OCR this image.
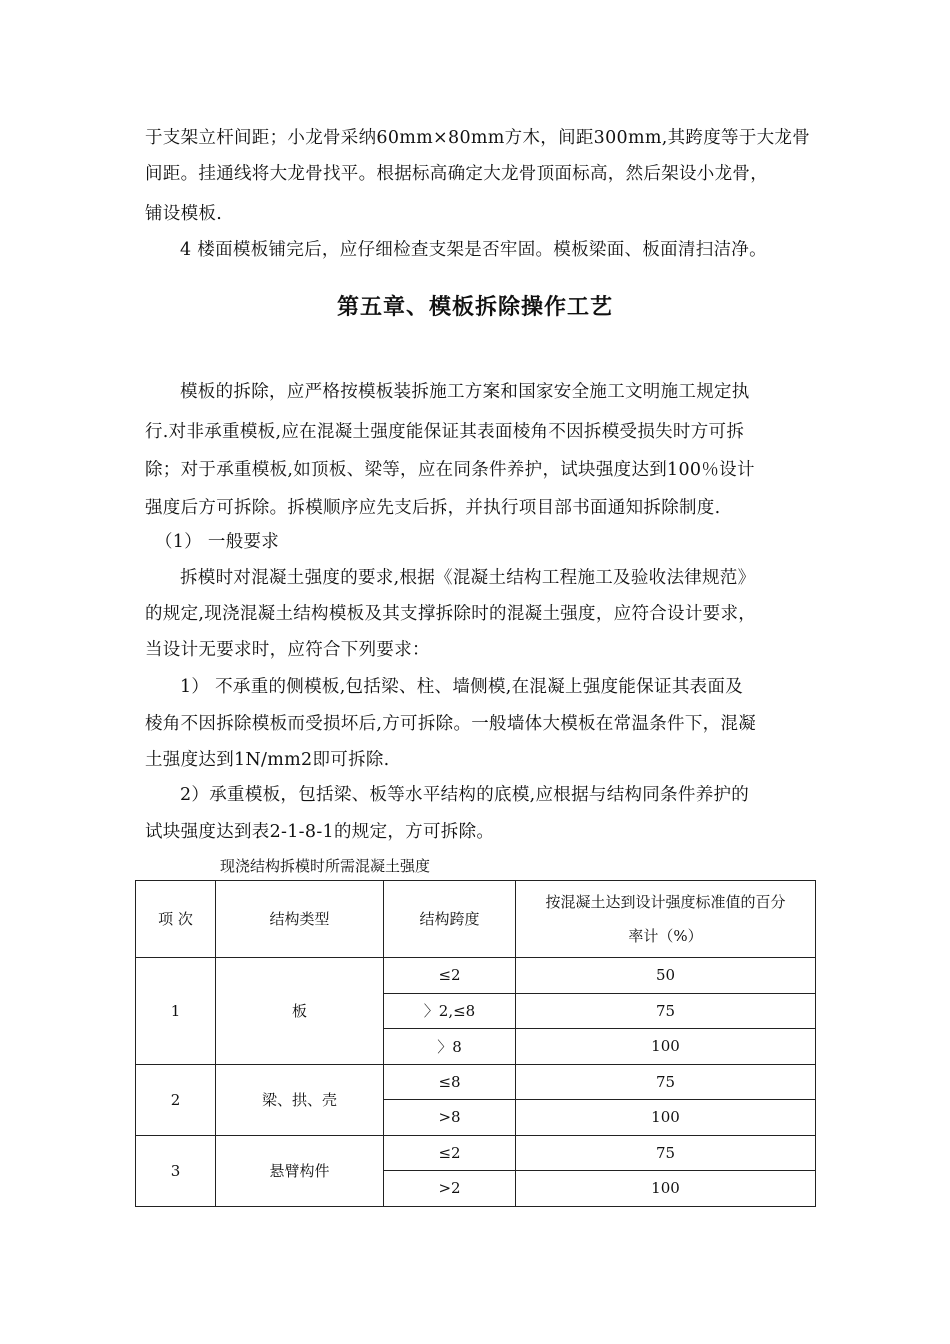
于支架立杆间距；小龙骨采纳60mm×80mm方木，间距300mm,其跨度等于大龙骨
间距。挂通线将大龙骨找平。根据标高确定大龙骨顶面标高，然后架设小龙骨，
铺设模板.
4 楼面模板铺完后，应仔细检查支架是否牢固。模板梁面、板面清扫洁净。
第五章、模板拆除操作工艺
模板的拆除，应严格按模板装拆施工方案和国家安全施工文明施工规定执
行.对非承重模板,应在混凝土强度能保证其表面棱角不因拆模受损失时方可拆
除；对于承重模板,如顶板、梁等，应在同条件养护，试块强度达到100％设计
强度后方可拆除。拆模顺序应先支后拆，并执行项目部书面通知拆除制度.
（1） 一般要求
拆模时对混凝土强度的要求,根据《混凝土结构工程施工及验收法律规范》
的规定,现浇混凝土结构模板及其支撑拆除时的混凝土强度，应符合设计要求，
当设计无要求时，应符合下列要求：
1） 不承重的侧模板,包括梁、柱、墙侧模,在混凝上强度能保证其表面及
棱角不因拆除模板而受损坏后,方可拆除。一般墙体大模板在常温条件下，混凝
土强度达到1N/mm2即可拆除.
2）承重模板，包括梁、板等水平结构的底模,应根据与结构同条件养护的
试块强度达到表2-1-8-1的规定，方可拆除。
现浇结构拆模时所需混凝土强度
项 次	结构类型	结构跨度	按混凝土达到设计强度标准值的百分
率计（%）
1	板	≤2	50
		〉2,≤8	75
		〉8	100
2	梁、拱、壳	≤8	75
		>8	100
3	悬臂构件	≤2	75
		>2	100
